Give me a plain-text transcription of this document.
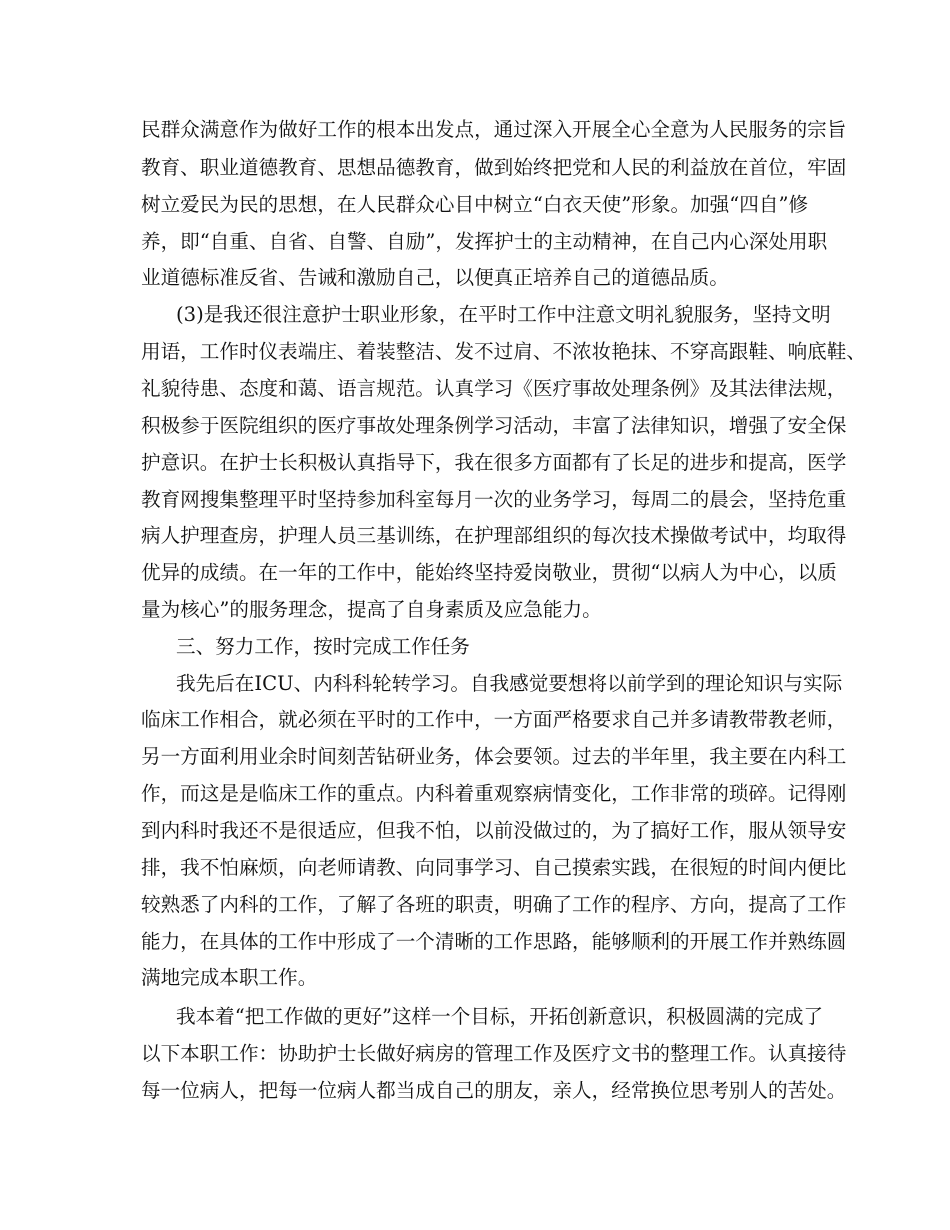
民群众满意作为做好工作的根本出发点，通过深入开展全心全意为人民服务的宗旨
教育、职业道德教育、思想品德教育，做到始终把党和人民的利益放在首位，牢固
树立爱民为民的思想，在人民群众心目中树立“白衣天使”形象。加强“四自”修
养，即“自重、自省、自警、自励”，发挥护士的主动精神，在自己内心深处用职
业道德标准反省、告诫和激励自己，以便真正培养自己的道德品质。
(3)是我还很注意护士职业形象，在平时工作中注意文明礼貌服务，坚持文明
用语，工作时仪表端庄、着装整洁、发不过肩、不浓妆艳抹、不穿高跟鞋、响底鞋、
礼貌待患、态度和蔼、语言规范。认真学习《医疗事故处理条例》及其法律法规，
积极参于医院组织的医疗事故处理条例学习活动，丰富了法律知识，增强了安全保
护意识。在护士长积极认真指导下，我在很多方面都有了长足的进步和提高，医学
教育网搜集整理平时坚持参加科室每月一次的业务学习，每周二的晨会，坚持危重
病人护理查房，护理人员三基训练，在护理部组织的每次技术操做考试中，均取得
优异的成绩。在一年的工作中，能始终坚持爱岗敬业，贯彻“以病人为中心，以质
量为核心”的服务理念，提高了自身素质及应急能力。
三、努力工作，按时完成工作任务
我先后在ICU、内科科轮转学习。自我感觉要想将以前学到的理论知识与实际
临床工作相合，就必须在平时的工作中，一方面严格要求自己并多请教带教老师，
另一方面利用业余时间刻苦钻研业务，体会要领。过去的半年里，我主要在内科工
作，而这是是临床工作的重点。内科着重观察病情变化，工作非常的琐碎。记得刚
到内科时我还不是很适应，但我不怕，以前没做过的，为了搞好工作，服从领导安
排，我不怕麻烦，向老师请教、向同事学习、自己摸索实践，在很短的时间内便比
较熟悉了内科的工作，了解了各班的职责，明确了工作的程序、方向，提高了工作
能力，在具体的工作中形成了一个清晰的工作思路，能够顺利的开展工作并熟练圆
满地完成本职工作。
我本着“把工作做的更好”这样一个目标，开拓创新意识，积极圆满的完成了
以下本职工作：协助护士长做好病房的管理工作及医疗文书的整理工作。认真接待
每一位病人，把每一位病人都当成自己的朋友，亲人，经常换位思考别人的苦处。
